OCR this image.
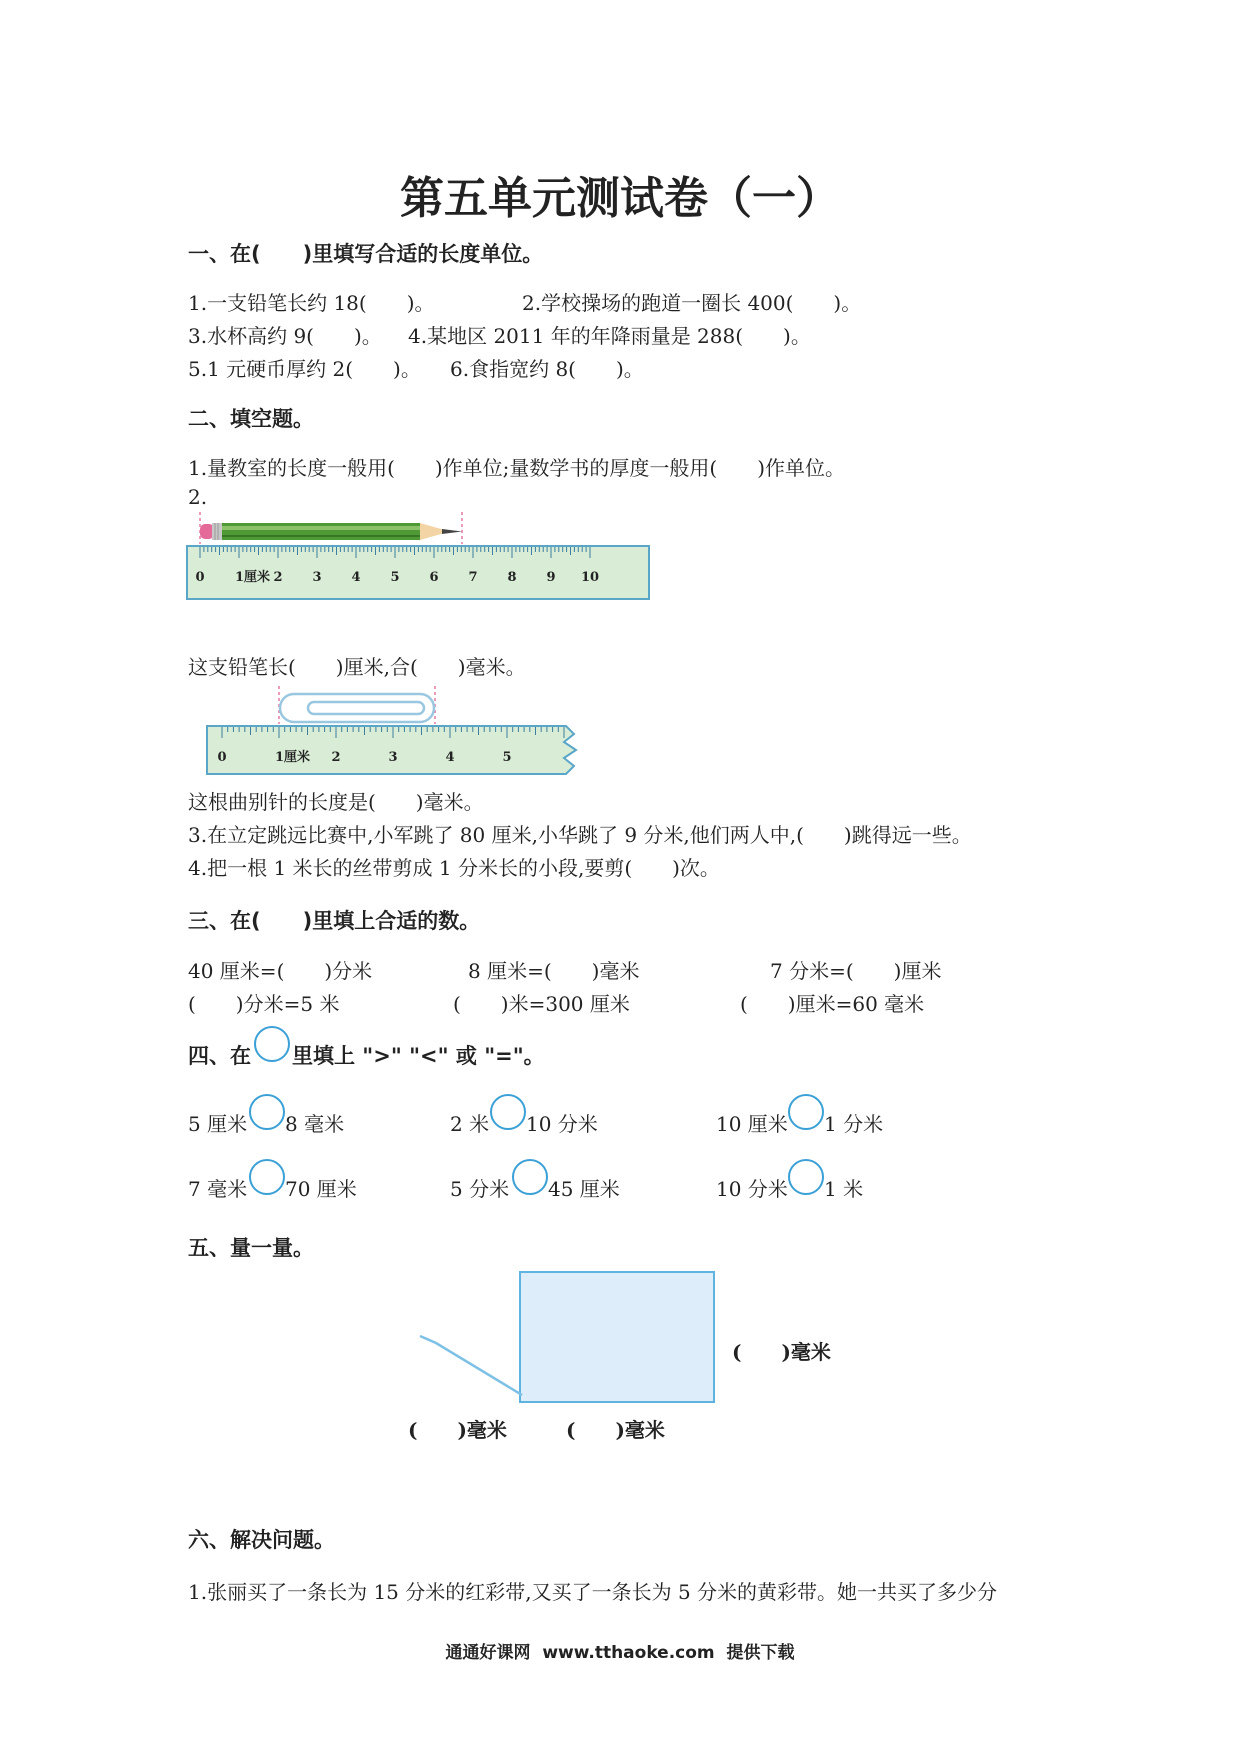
第五单元测试卷（一）
一、在(　　)里填写合适的长度单位。
1.一支铅笔长约 18(　　)。	2.学校操场的跑道一圈长 400(　　)。
3.水杯高约 9(　　)。 4.某地区 2011 年的年降雨量是 288(　　)。
5.1 元硬币厚约 2(　　)。 6.食指宽约 8(　　)。
二、填空题。
1.量教室的长度一般用(　　)作单位;量数学书的厚度一般用(　　)作单位。
2.
0 1厘米 2 3 4 5 6 7 8 9 10
这支铅笔长(　　)厘米,合(　　)毫米。
0	1厘米 2	3	4	5
这根曲别针的长度是(　　)毫米。
3.在立定跳远比赛中,小军跳了 80 厘米,小华跳了 9 分米,他们两人中,(　　)跳得远一些。
4.把一根 1 米长的丝带剪成 1 分米长的小段,要剪(　　)次。
三、在(　　)里填上合适的数。
40 厘米=(　　)分米	8 厘米=(　　)毫米	7 分米=(　　)厘米
(　　)分米=5 米	(　　)米=300 厘米	(　　)厘米=60 毫米
四、在 里填上 ">" "<" 或 "="。
5 厘米 8 毫米	2 米 10 分米	10 厘米 1 分米
7 毫米 70 厘米	5 分米 45 厘米	10 分米 1 米
五、量一量。
(　　)毫米
(　　)毫米	(　　)毫米
六、解决问题。
1.张丽买了一条长为 15 分米的红彩带,又买了一条长为 5 分米的黄彩带。她一共买了多少分
通通好课网  www.tthaoke.com  提供下载
